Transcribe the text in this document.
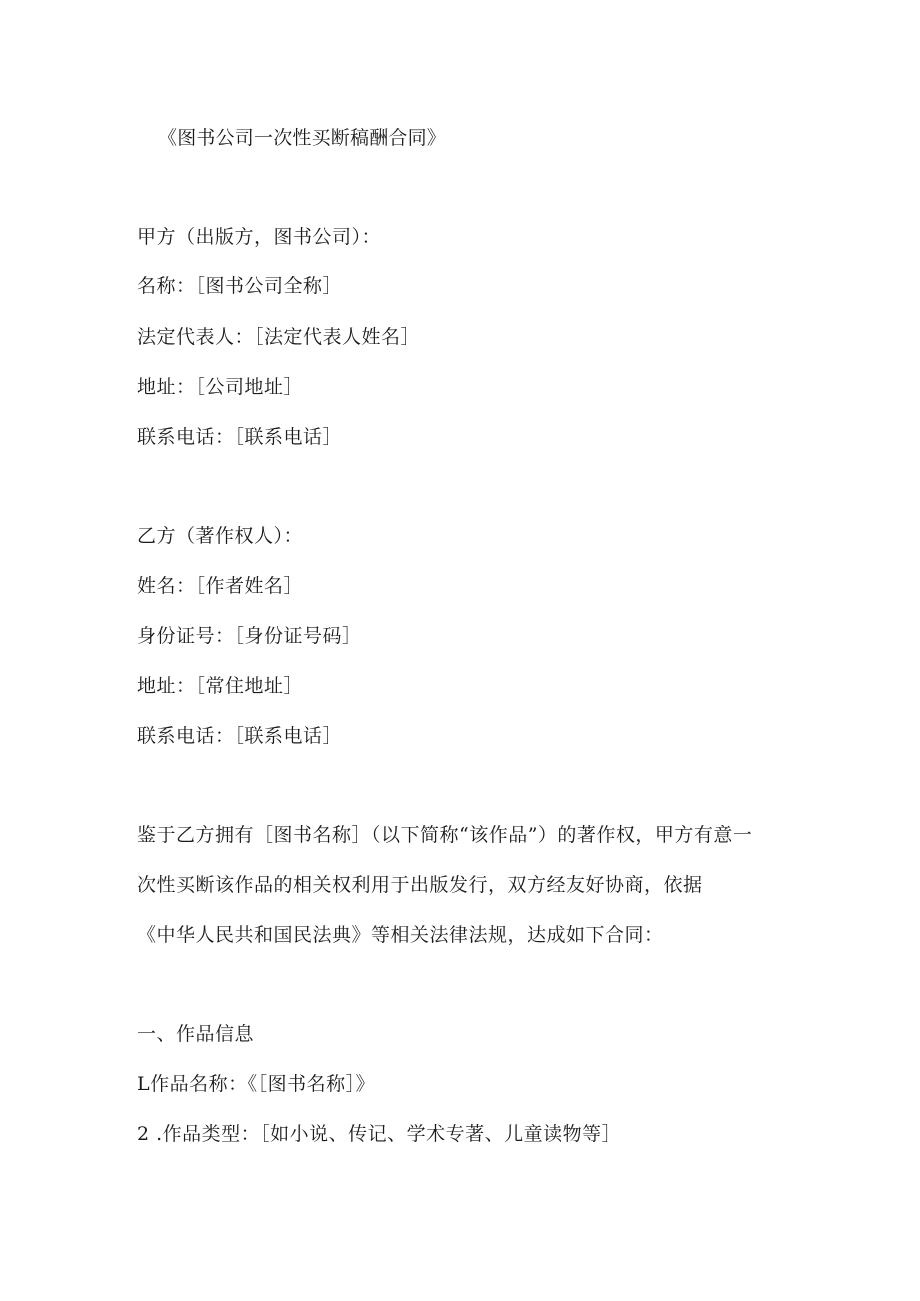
《图书公司一次性买断稿酬合同》
甲方（出版方，图书公司）：
名称：［图书公司全称］
法定代表人：［法定代表人姓名］
地址：［公司地址］
联系电话：［联系电话］
乙方（著作权人）：
姓名：［作者姓名］
身份证号：［身份证号码］
地址：［常住地址］
联系电话：［联系电话］
鉴于乙方拥有［图书名称］（以下简称“该作品”）的著作权，甲方有意一
次性买断该作品的相关权利用于出版发行，双方经友好协商，依据
《中华人民共和国民法典》等相关法律法规，达成如下合同：
一、作品信息
L作品名称：《［图书名称］》
2 .作品类型：［如小说、传记、学术专著、儿童读物等］
